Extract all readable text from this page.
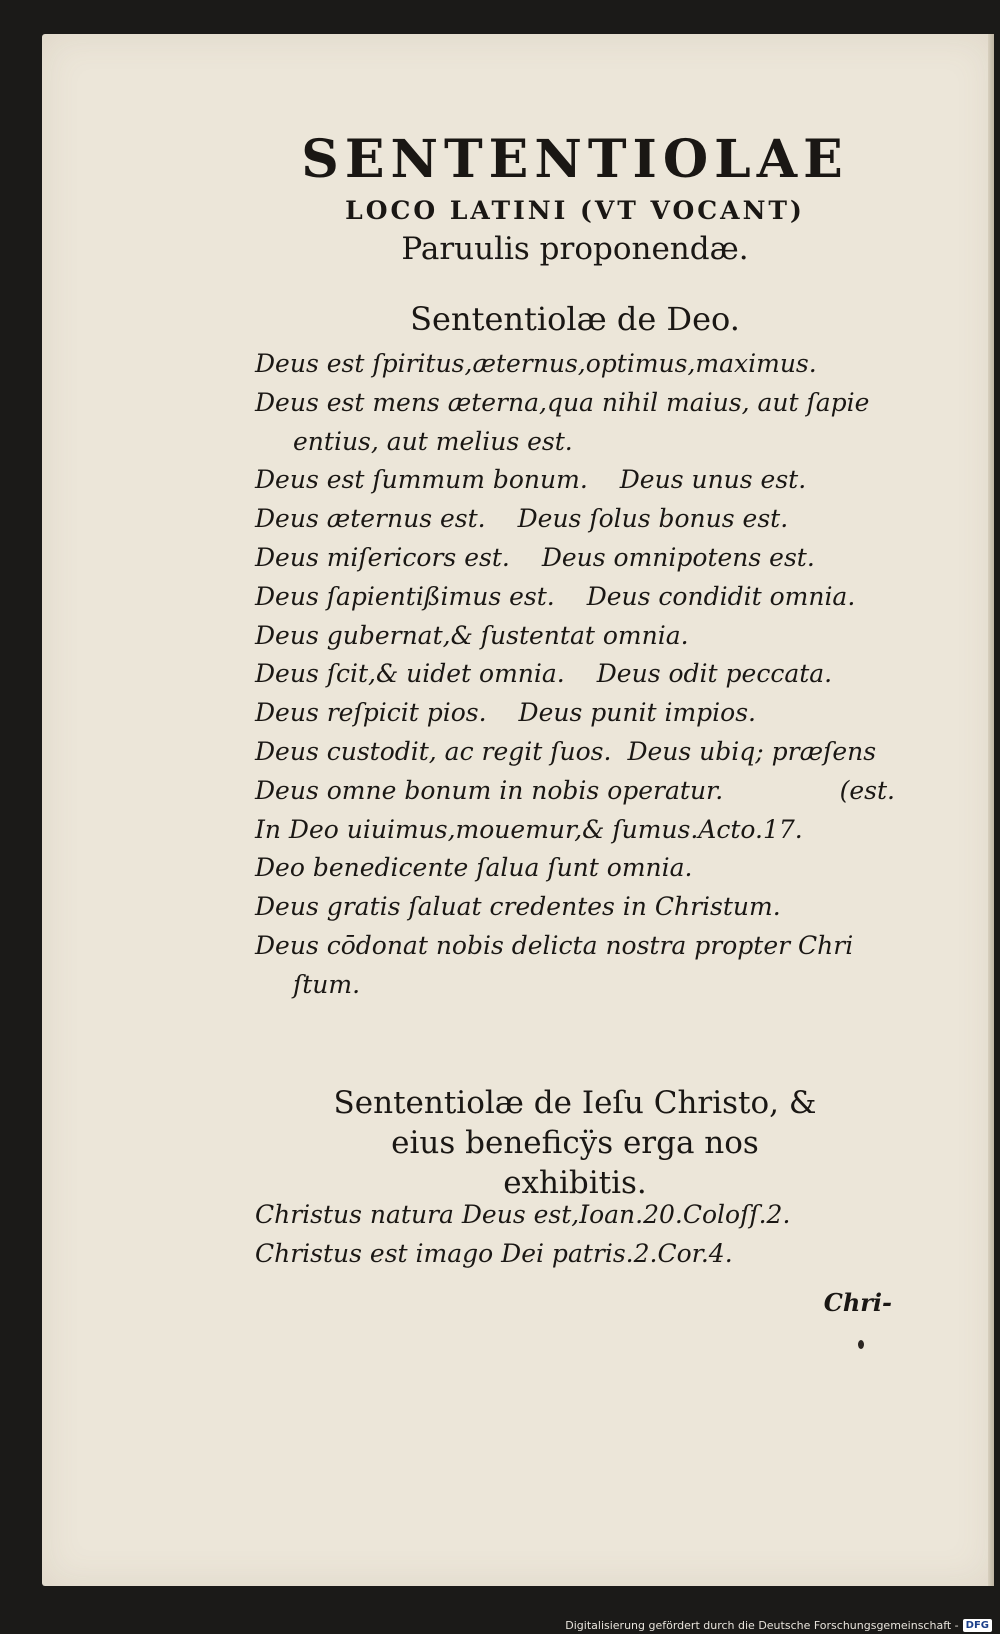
SENTENTIOLAE
LOCO LATINI (VT VOCANT)
Paruulis proponendæ.
Sententiolæ de Deo.
Deus est ſpiritus,æternus,optimus,maximus.
Deus est mens æterna,qua nihil maius, aut ſapie
entius, aut melius est.
Deus est ſummum bonum. Deus unus est.
Deus æternus est. Deus ſolus bonus est.
Deus miſericors est. Deus omnipotens est.
Deus ſapientißimus est. Deus condidit omnia.
Deus gubernat,& ſustentat omnia.
Deus ſcit,& uidet omnia. Deus odit peccata.
Deus reſpicit pios. Deus punit impios.
Deus custodit, ac regit ſuos. Deus ubiq; præſens
Deus omne bonum in nobis operatur.	(est.
In Deo uiuimus,mouemur,& ſumus.Acto.17.
Deo benedicente ſalua ſunt omnia.
Deus gratis ſaluat credentes in Christum.
Deus cōdonat nobis delicta nostra propter Chri
ſtum.
Sententiolæ de Ieſu Christo, &
eius beneficÿs erga nos
exhibitis.
Christus natura Deus est,Ioan.20.Coloſſ.2.
Christus est imago Dei patris.2.Cor.4.
Chri-
Digitalisierung gefördert durch die Deutsche Forschungsgemeinschaft - DFG
